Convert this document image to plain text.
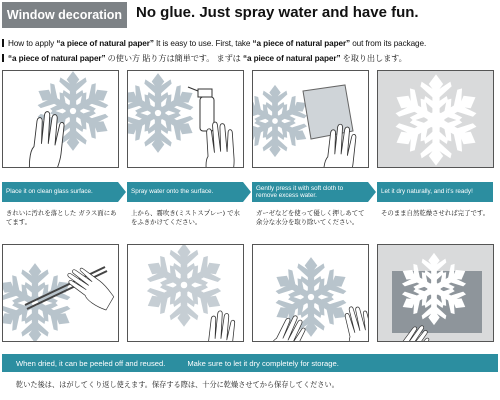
Window decoration No glue. Just spray water and have fun.
How to apply “a piece of natural paper” It is easy to use. First, take “a piece of natural paper” out from its package.
“a piece of natural paper” の使い方 貼り方は簡単です。 まずは “a piece of natural paper” を取り出します。
Place it on clean glass surface.	Spray water onto the surface.
Gently press it with soft cloth to remove excess water.
Let it dry naturally, and it’s ready!
きれいに汚れを落とした ガラス面にあてます。
上から、霧吹き(ミストスプレー) で水をふきかけてください。
ガーゼなどを使って優しく押しあてて 余分な水分を取り除いてください。
そのまま自然乾燥させれば完了です。
When dried, it can be peeled off and reused.	Make sure to let it dry completely for storage.
乾いた後は、はがしてくり返し使えます。保存する際は、十分に乾燥させてから保存してください。
